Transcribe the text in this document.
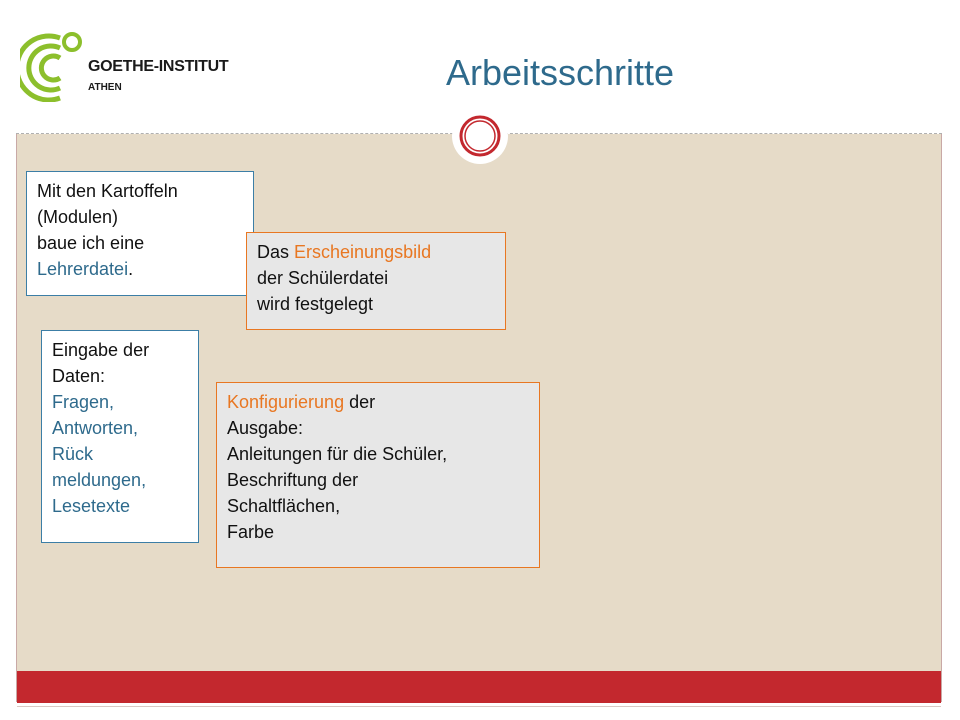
GOETHE-INSTITUT
ATHEN	Arbeitsschritte
Mit den Kartoffeln
(Modulen)
baue ich eine
Lehrerdatei.
Das Erscheinungsbild
der Schülerdatei
wird festgelegt
Eingabe der
Daten:
Fragen,
Antworten,
Rück
meldungen,
Lesetexte
Konfigurierung der
Ausgabe:
Anleitungen für die Schüler,
Beschriftung der
Schaltflächen,
Farbe
